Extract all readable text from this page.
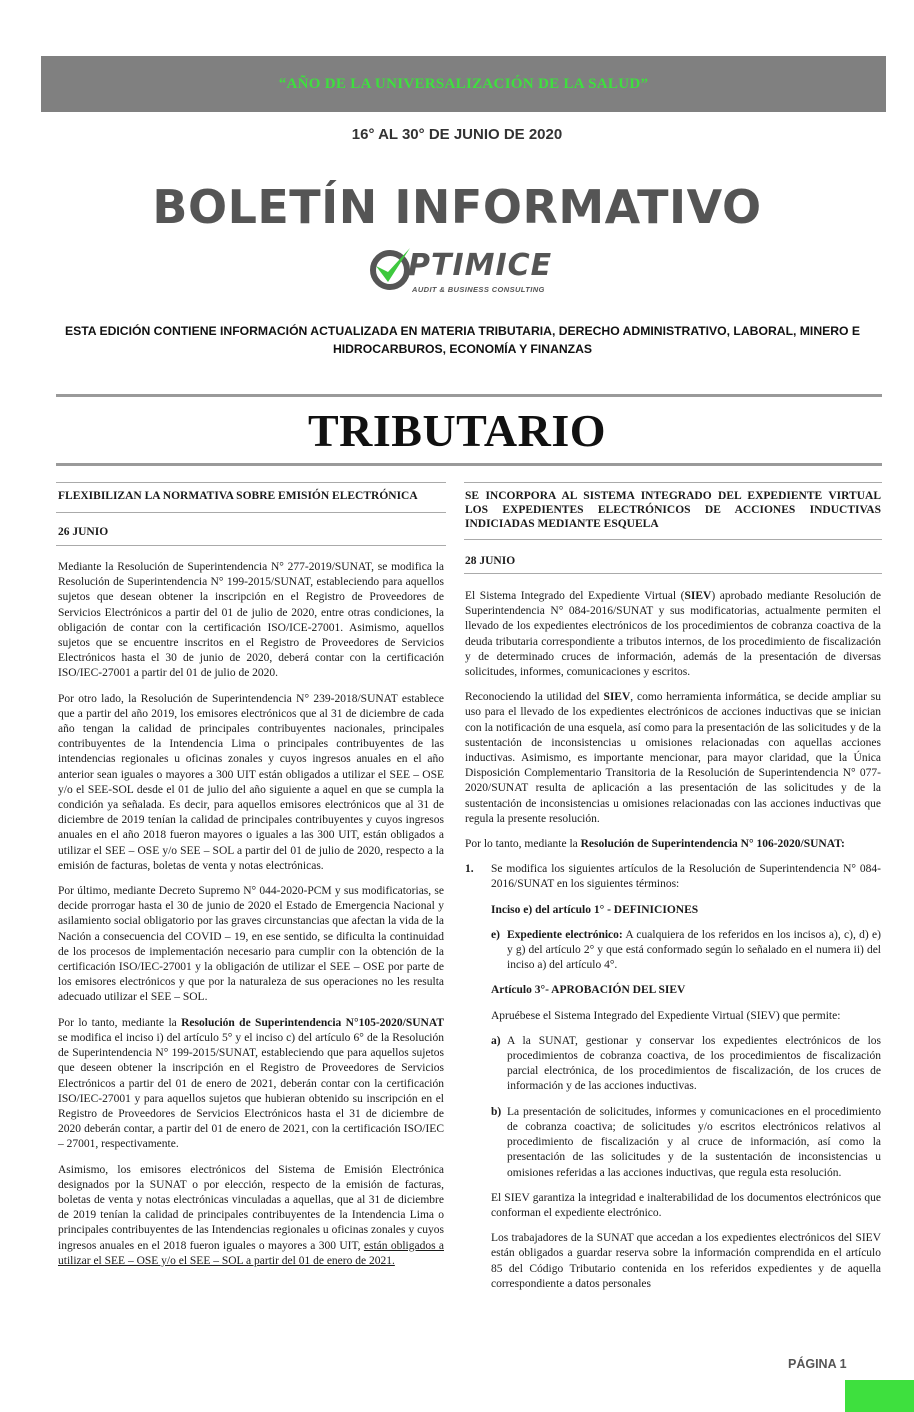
“AÑO DE LA UNIVERSALIZACIÓN DE LA SALUD”
16° AL 30° DE JUNIO DE 2020
BOLETÍN INFORMATIVO
PTIMICE
AUDIT & BUSINESS CONSULTING
ESTA EDICIÓN CONTIENE INFORMACIÓN ACTUALIZADA EN MATERIA TRIBUTARIA, DERECHO ADMINISTRATIVO, LABORAL, MINERO E HIDROCARBUROS, ECONOMÍA Y FINANZAS
TRIBUTARIO
FLEXIBILIZAN LA NORMATIVA SOBRE EMISIÓN ELECTRÓNICA
26 JUNIO

Mediante la Resolución de Superintendencia N° 277-2019/SUNAT, se modifica la Resolución de Superintendencia N° 199-2015/SUNAT, estableciendo para aquellos sujetos que desean obtener la inscripción en el Registro de Proveedores de Servicios Electrónicos a partir del 01 de julio de 2020, entre otras condiciones, la obligación de contar con la certificación ISO/ICE-27001. Asimismo, aquellos sujetos que se encuentre inscritos en el Registro de Proveedores de Servicios Electrónicos hasta el 30 de junio de 2020, deberá contar con la certificación ISO/IEC-27001 a partir del 01 de julio de 2020.

Por otro lado, la Resolución de Superintendencia N° 239-2018/SUNAT establece que a partir del año 2019, los emisores electrónicos que al 31 de diciembre de cada año tengan la calidad de principales contribuyentes nacionales, principales contribuyentes de la Intendencia Lima o principales contribuyentes de las intendencias regionales u oficinas zonales y cuyos ingresos anuales en el año anterior sean iguales o mayores a 300 UIT están obligados a utilizar el SEE – OSE y/o el SEE-SOL desde el 01 de julio del año siguiente a aquel en que se cumpla la condición ya señalada. Es decir, para aquellos emisores electrónicos que al 31 de diciembre de 2019 tenían la calidad de principales contribuyentes y cuyos ingresos anuales en el año 2018 fueron mayores o iguales a las 300 UIT, están obligados a utilizar el SEE – OSE y/o SEE – SOL a partir del 01 de julio de 2020, respecto a la emisión de facturas, boletas de venta y notas electrónicas.

Por último, mediante Decreto Supremo N° 044-2020-PCM y sus modificatorias, se decide prorrogar hasta el 30 de junio de 2020 el Estado de Emergencia Nacional y asilamiento social obligatorio por las graves circunstancias que afectan la vida de la Nación a consecuencia del COVID – 19, en ese sentido, se dificulta la continuidad de los procesos de implementación necesario para cumplir con la obtención de la certificación ISO/IEC-27001 y la obligación de utilizar el SEE – OSE por parte de los emisores electrónicos y que por la naturaleza de sus operaciones no les resulta adecuado utilizar el SEE – SOL.

Por lo tanto, mediante la Resolución de Superintendencia N°105-2020/SUNAT se modifica el inciso i) del artículo 5° y el inciso c) del artículo 6° de la Resolución de Superintendencia N° 199-2015/SUNAT, estableciendo que para aquellos sujetos que deseen obtener la inscripción en el Registro de Proveedores de Servicios Electrónicos a partir del 01 de enero de 2021, deberán contar con la certificación ISO/IEC-27001 y para aquellos sujetos que hubieran obtenido su inscripción en el Registro de Proveedores de Servicios Electrónicos hasta el 31 de diciembre de 2020 deberán contar, a partir del 01 de enero de 2021, con la certificación ISO/IEC – 27001, respectivamente.

Asimismo, los emisores electrónicos del Sistema de Emisión Electrónica designados por la SUNAT o por elección, respecto de la emisión de facturas, boletas de venta y notas electrónicas vinculadas a aquellas, que al 31 de diciembre de 2019 tenían la calidad de principales contribuyentes de la Intendencia Lima o principales contribuyentes de las Intendencias regionales u oficinas zonales y cuyos ingresos anuales en el 2018 fueron iguales o mayores a 300 UIT, están obligados a utilizar el SEE – OSE y/o el SEE – SOL a partir del 01 de enero de 2021.

SE INCORPORA AL SISTEMA INTEGRADO DEL EXPEDIENTE VIRTUAL LOS EXPEDIENTES ELECTRÓNICOS DE ACCIONES INDUCTIVAS INDICIADAS MEDIANTE ESQUELA
28 JUNIO

El Sistema Integrado del Expediente Virtual (SIEV) aprobado mediante Resolución de Superintendencia N° 084-2016/SUNAT y sus modificatorias, actualmente permiten el llevado de los expedientes electrónicos de los procedimientos de cobranza coactiva de la deuda tributaria correspondiente a tributos internos, de los procedimiento de fiscalización y de determinado cruces de información, además de la presentación de diversas solicitudes, informes, comunicaciones y escritos.

Reconociendo la utilidad del SIEV, como herramienta informática, se decide ampliar su uso para el llevado de los expedientes electrónicos de acciones inductivas que se inician con la notificación de una esquela, así como para la presentación de las solicitudes y de la sustentación de inconsistencias u omisiones relacionadas con aquellas acciones inductivas. Asimismo, es importante mencionar, para mayor claridad, que la Única Disposición Complementario Transitoria de la Resolución de Superintendencia N° 077-2020/SUNAT resulta de aplicación a las presentación de las solicitudes y de la sustentación de inconsistencias u omisiones relacionadas con las acciones inductivas que regula la presente resolución.

Por lo tanto, mediante la Resolución de Superintendencia N° 106-2020/SUNAT:

1.	Se modifica los siguientes artículos de la Resolución de Superintendencia N° 084-2016/SUNAT en los siguientes términos:

Inciso e) del artículo 1° - DEFINICIONES

e) Expediente electrónico: A cualquiera de los referidos en los incisos a), c), d) e) y g) del artículo 2° y que está conformado según lo señalado en el numera ii) del inciso a) del artículo 4°.

Artículo 3°- APROBACIÓN DEL SIEV

Apruébese el Sistema Integrado del Expediente Virtual (SIEV) que permite:

a) A la SUNAT, gestionar y conservar los expedientes electrónicos de los procedimientos de cobranza coactiva, de los procedimientos de fiscalización parcial electrónica, de los procedimientos de fiscalización, de los cruces de información y de las acciones inductivas.
b) La presentación de solicitudes, informes y comunicaciones en el procedimiento de cobranza coactiva; de solicitudes y/o escritos electrónicos relativos al procedimiento de fiscalización y al cruce de información, así como la presentación de las solicitudes y de la sustentación de inconsistencias u omisiones referidas a las acciones inductivas, que regula esta resolución.

El SIEV garantiza la integridad e inalterabilidad de los documentos electrónicos que conforman el expediente electrónico.

Los trabajadores de la SUNAT que accedan a los expedientes electrónicos del SIEV están obligados a guardar reserva sobre la información comprendida en el artículo 85 del Código Tributario contenida en los referidos expedientes y de aquella correspondiente a datos personales

PÁGINA 1
